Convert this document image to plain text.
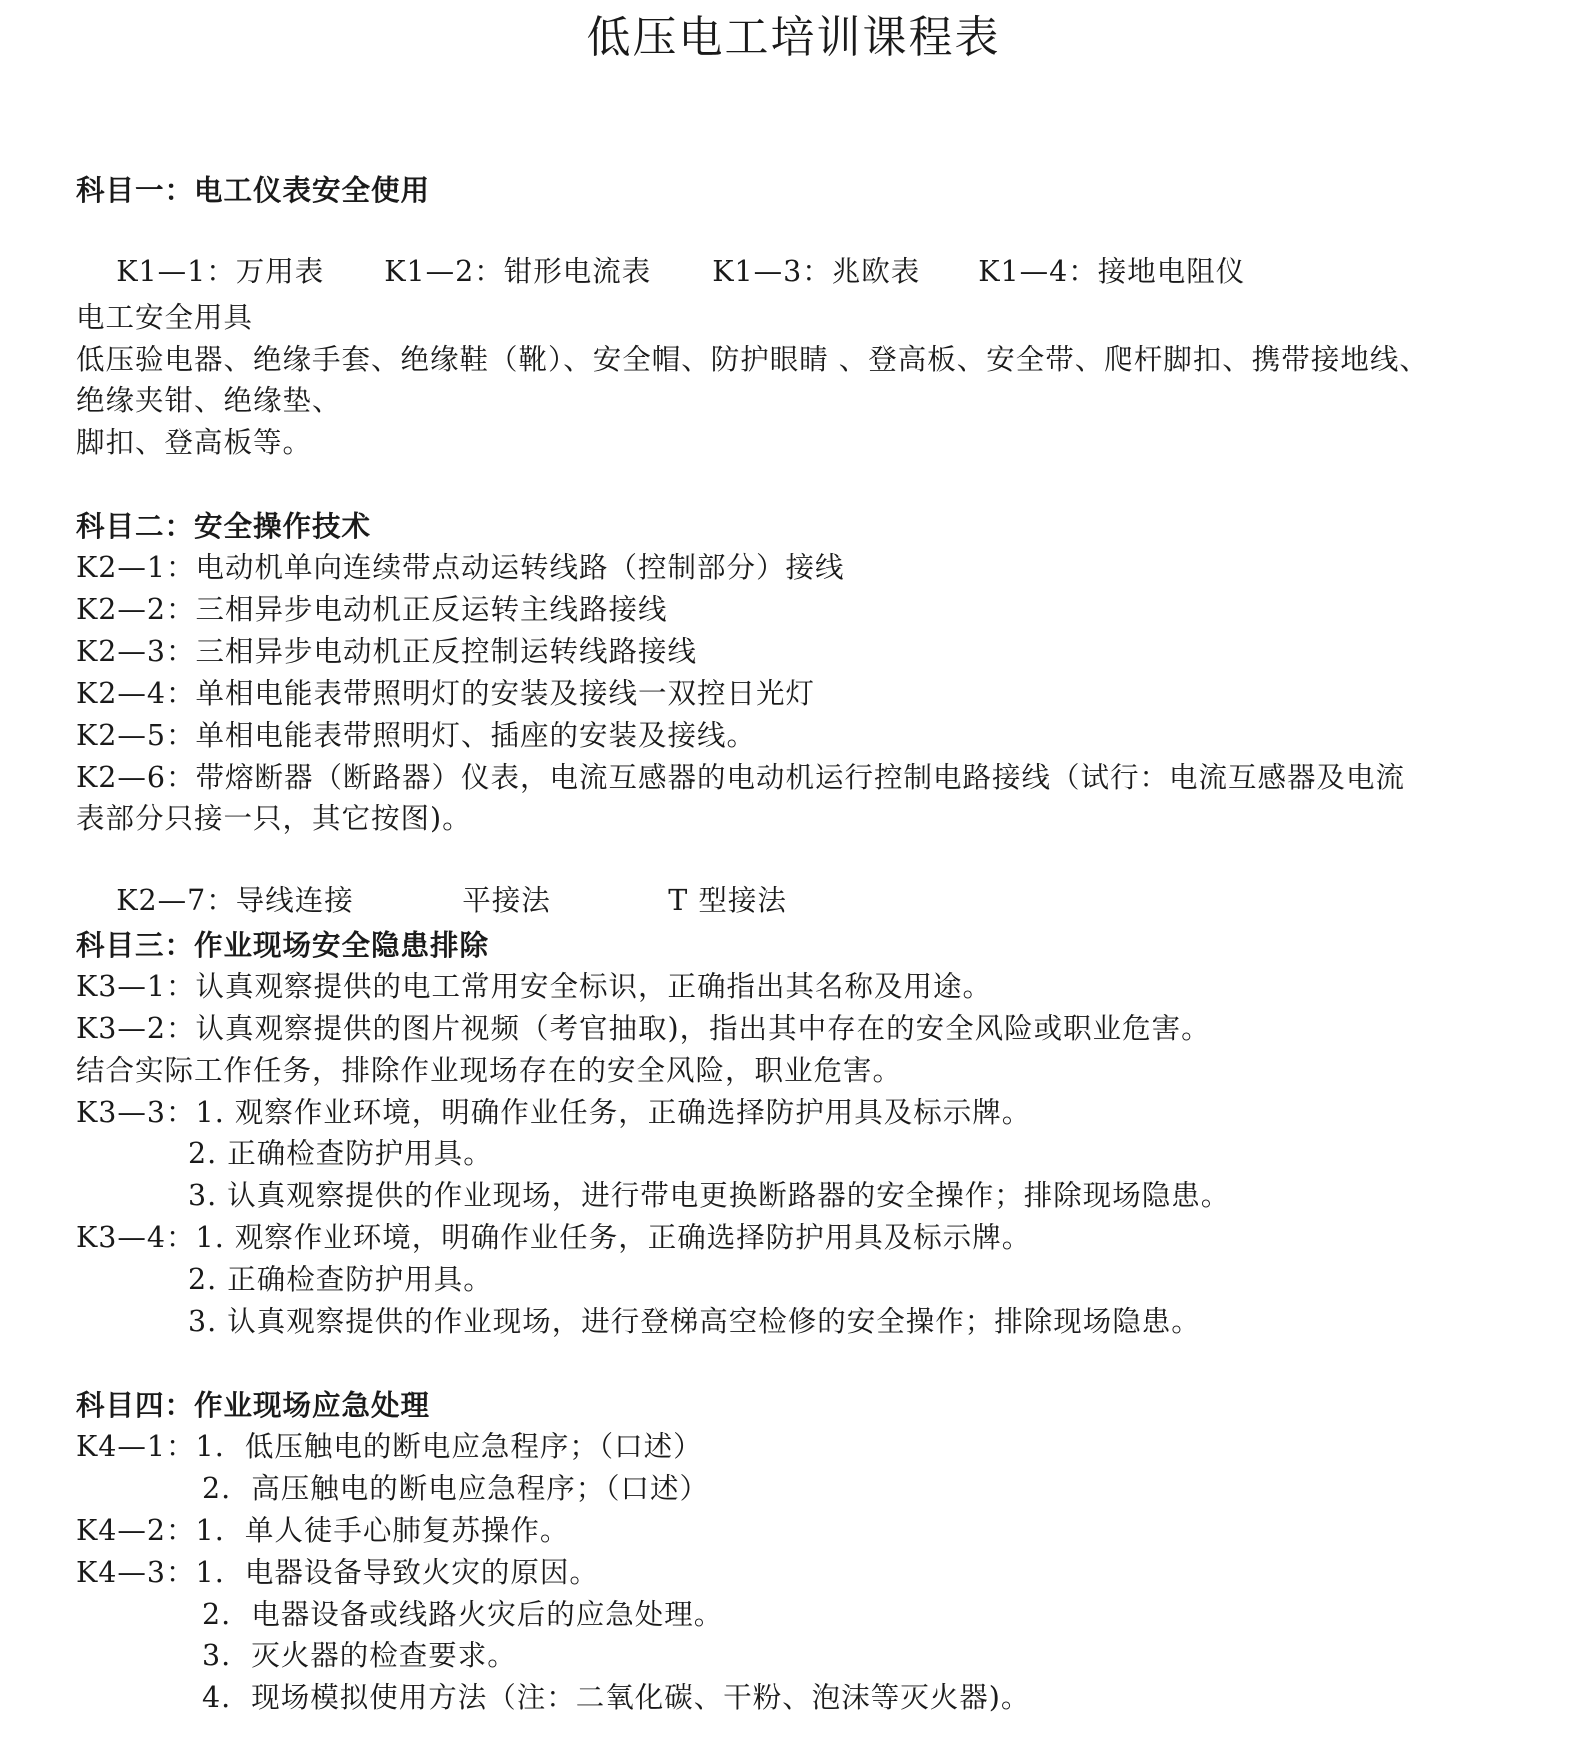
低压电工培训课程表
科目一：电工仪表安全使用

K1—1：万用表 K1—2：钳形电流表 K1—3：兆欧表 K1—4：接地电阻仪

电工安全用具
低压验电器、绝缘手套、绝缘鞋（靴）、安全帽、防护眼睛 、登高板、安全带、爬杆脚扣、携带接地线、
绝缘夹钳、绝缘垫、
脚扣、登高板等。
科目二：安全操作技术
K2—1：电动机单向连续带点动运转线路（控制部分）接线
K2—2：三相异步电动机正反运转主线路接线
K2—3：三相异步电动机正反控制运转线路接线
K2—4：单相电能表带照明灯的安装及接线一双控日光灯
K2—5：单相电能表带照明灯、插座的安装及接线。
K2—6：带熔断器（断路器）仪表，电流互感器的电动机运行控制电路接线（试行：电流互感器及电流
表部分只接一只，其它按图)。

K2—7：导线连接	平接法	T 型接法

科目三：作业现场安全隐患排除
K3—1：认真观察提供的电工常用安全标识，正确指出其名称及用途。
K3—2：认真观察提供的图片视频（考官抽取)，指出其中存在的安全风险或职业危害。
结合实际工作任务，排除作业现场存在的安全风险，职业危害。
K3—3：1. 观察作业环境，明确作业任务，正确选择防护用具及标示牌。
2. 正确检查防护用具。
3. 认真观察提供的作业现场，进行带电更换断路器的安全操作；排除现场隐患。
K3—4：1. 观察作业环境，明确作业任务，正确选择防护用具及标示牌。
2. 正确检查防护用具。
3. 认真观察提供的作业现场，进行登梯高空检修的安全操作；排除现场隐患。
科目四：作业现场应急处理
K4—1：1.  低压触电的断电应急程序；（口述）
2.  高压触电的断电应急程序；（口述）
K4—2：1.  单人徒手心肺复苏操作。
K4—3：1.  电器设备导致火灾的原因。
2.  电器设备或线路火灾后的应急处理。
3.  灭火器的检查要求。
4.  现场模拟使用方法（注：二氧化碳、干粉、泡沫等灭火器)。
